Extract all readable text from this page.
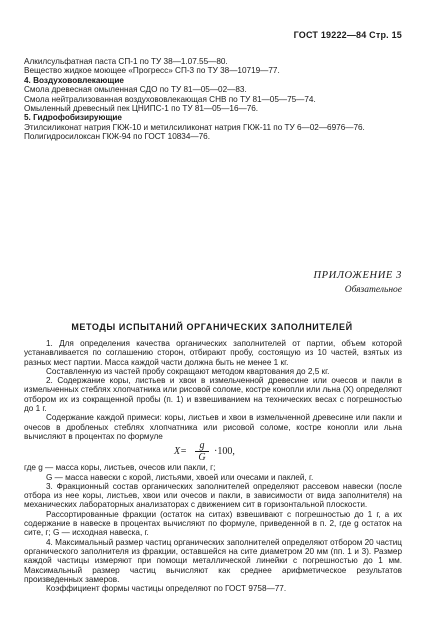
ГОСТ 19222—84 Стр. 15
Алкилсульфатная паста СП-1 по ТУ 38—1.07.55—80.
Вещество жидкое моющее «Прогресс» СП-3 по ТУ 38—10719—77.
4. Воздухововлекающие
Смола древесная омыленная СДО по ТУ 81—05—02—83.
Смола нейтрализованная воздухововлекающая СНВ по ТУ 81—05—75—74.
Омыленный древесный пек ЦНИПС-1 по ТУ 81—05—16—76.
5. Гидрофобизирующие
Этилсиликонат натрия ГКЖ-10 и метилсиликонат натрия ГКЖ-11 по ТУ 6—02—6976—76.
Полигидросилоксан ГКЖ-94 по ГОСТ 10834—76.
ПРИЛОЖЕНИЕ 3
Обязательное
МЕТОДЫ ИСПЫТАНИЙ ОРГАНИЧЕСКИХ ЗАПОЛНИТЕЛЕЙ

1. Для определения качества органических заполнителей от партии, объем которой устанавливается по соглашению сторон, отбирают пробу, состоящую из 10 частей, взятых из разных мест партии. Масса каждой части должна быть не менее 1 кг.

Составленную из частей пробу сокращают методом квартования до 2,5 кг.

2. Содержание коры, листьев и хвои в измельченной древесине или очесов и пакли в измельченных стеблях хлопчатника или рисовой соломе, костре конопли или льна (X) определяют отбором их из сокращенной пробы (п. 1) и взвешиванием на технических весах с погрешностью до 1 г.

Содержание каждой примеси: коры, листьев и хвои в измельченной древесине или пакли и очесов в дробленых стеблях хлопчатника или рисовой соломе, костре конопли или льна вычисляют в процентах по формуле

X=
g
G
·100,

где g — масса коры, листьев, очесов или пакли, г;

G — масса навески с корой, листьями, хвоей или очесами и паклей, г.

3. Фракционный состав органических заполнителей определяют рассевом навески (после отбора из нее коры, листьев, хвои или очесов и пакли, в зависимости от вида заполнителя) на механических лабораторных анализаторах с движением сит в горизонтальной плоскости.

Рассортированные фракции (остаток на ситах) взвешивают с погрешностью до 1 г, а их содержание в навеске в процентах вычисляют по формуле, приведенной в п. 2, где g остаток на сите, г; G — исходная навеска, г.

4. Максимальный размер частиц органических заполнителей определяют отбором 20 частиц органического заполнителя из фракции, оставшейся на сите диаметром 20 мм (пп. 1 и 3). Размер каждой частицы измеряют при помощи металлической линейки с погрешностью до 1 мм. Максимальный размер частиц вычисляют как среднее арифметическое результатов произведенных замеров.

Коэффициент формы частицы определяют по ГОСТ 9758—77.
